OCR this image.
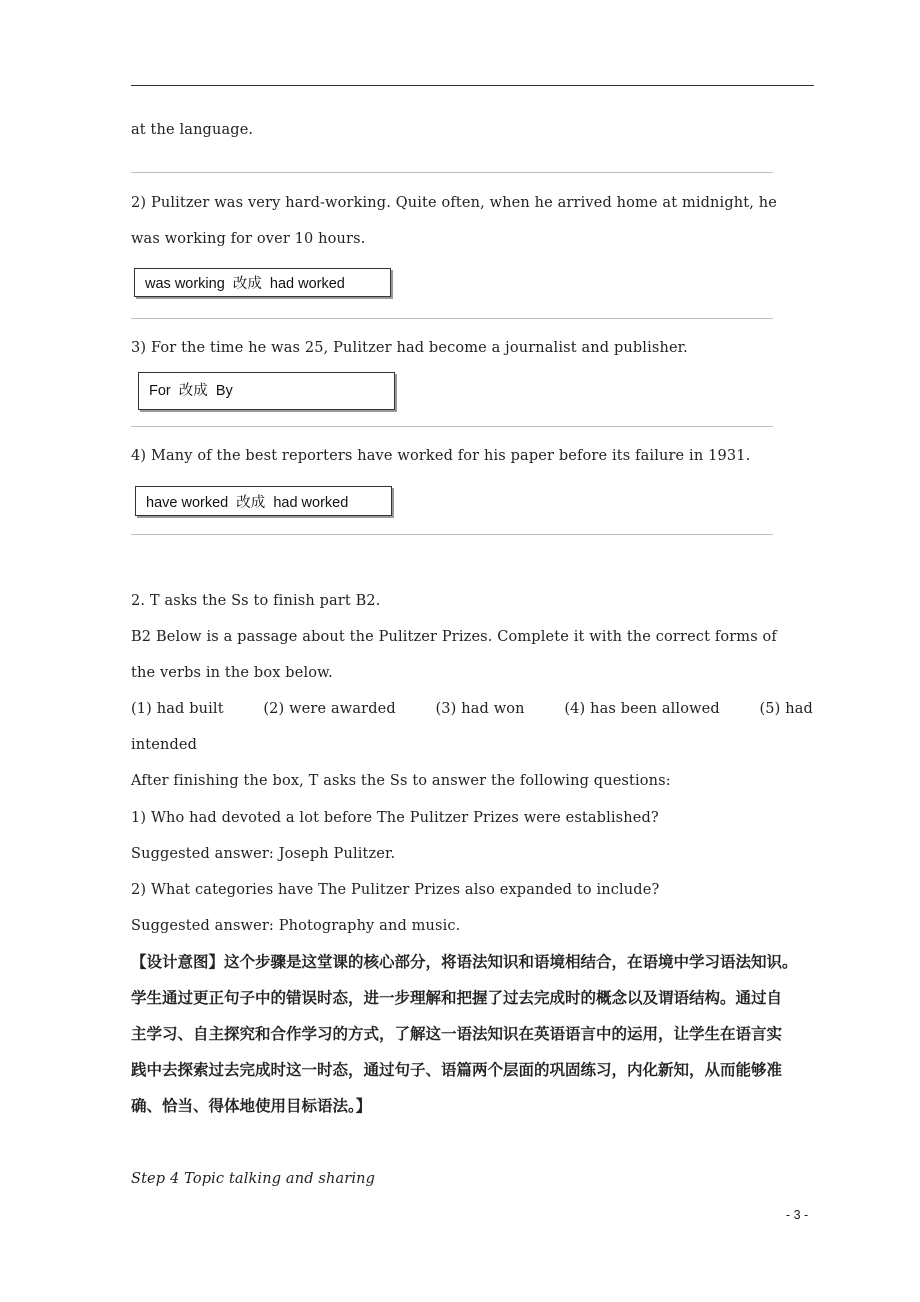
at the language.
2) Pulitzer was very hard-working. Quite often, when he arrived home at midnight, he
was working for over 10 hours.
was working  改成  had worked
3) For the time he was 25, Pulitzer had become a journalist and publisher.
For  改成  By
4) Many of the best reporters have worked for his paper before its failure in 1931.
have worked  改成  had worked
2. T asks the Ss to finish part B2.
B2 Below is a passage about the Pulitzer Prizes. Complete it with the correct forms of
the verbs in the box below.
(1) had built	(2) were awarded	(3) had won	(4) has been allowed	(5) had
intended
After finishing the box, T asks the Ss to answer the following questions:
1) Who had devoted a lot before The Pulitzer Prizes were established?
Suggested answer: Joseph Pulitzer.
2) What categories have The Pulitzer Prizes also expanded to include?
Suggested answer: Photography and music.
【设计意图】这个步骤是这堂课的核心部分，将语法知识和语境相结合，在语境中学习语法知识。
学生通过更正句子中的错误时态，进一步理解和把握了过去完成时的概念以及谓语结构。通过自
主学习、自主探究和合作学习的方式，了解这一语法知识在英语语言中的运用，让学生在语言实
践中去探索过去完成时这一时态，通过句子、语篇两个层面的巩固练习，内化新知，从而能够准
确、恰当、得体地使用目标语法。】
Step 4 Topic talking and sharing
- 3 -
